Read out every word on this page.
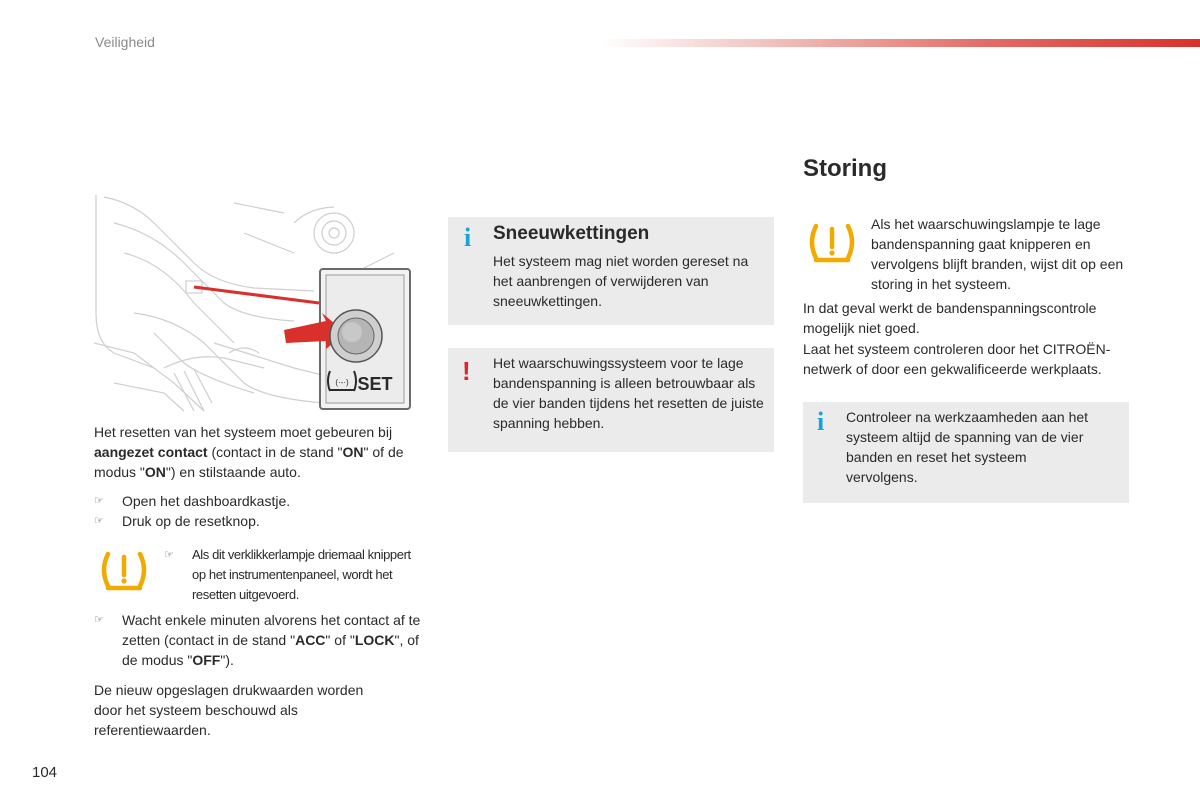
Veiligheid
(·-·) SET
Het resetten van het systeem moet gebeuren bij aangezet contact (contact in de stand "ON" of de modus "ON") en stilstaande auto.
☞	Open het dashboardkastje.
☞	Druk op de resetknop.
☞	Als dit verklikkerlampje driemaal knippert op het instrumentenpaneel, wordt het resetten uitgevoerd.
☞	Wacht enkele minuten alvorens het contact af te zetten (contact in de stand "ACC" of "LOCK", of de modus "OFF").
De nieuw opgeslagen drukwaarden worden door het systeem beschouwd als referentiewaarden.
i Sneeuwkettingen
Het systeem mag niet worden gereset na het aanbrengen of verwijderen van sneeuwkettingen.
! Het waarschuwingssysteem voor te lage bandenspanning is alleen betrouwbaar als de vier banden tijdens het resetten de juiste spanning hebben.
Storing
Als het waarschuwingslampje te lage bandenspanning gaat knipperen en vervolgens blijft branden, wijst dit op een storing in het systeem.
In dat geval werkt de bandenspanningscontrole mogelijk niet goed.
Laat het systeem controleren door het CITROËN-netwerk of door een gekwalificeerde werkplaats.
i Controleer na werkzaamheden aan het systeem altijd de spanning van de vier banden en reset het systeem vervolgens.
104
